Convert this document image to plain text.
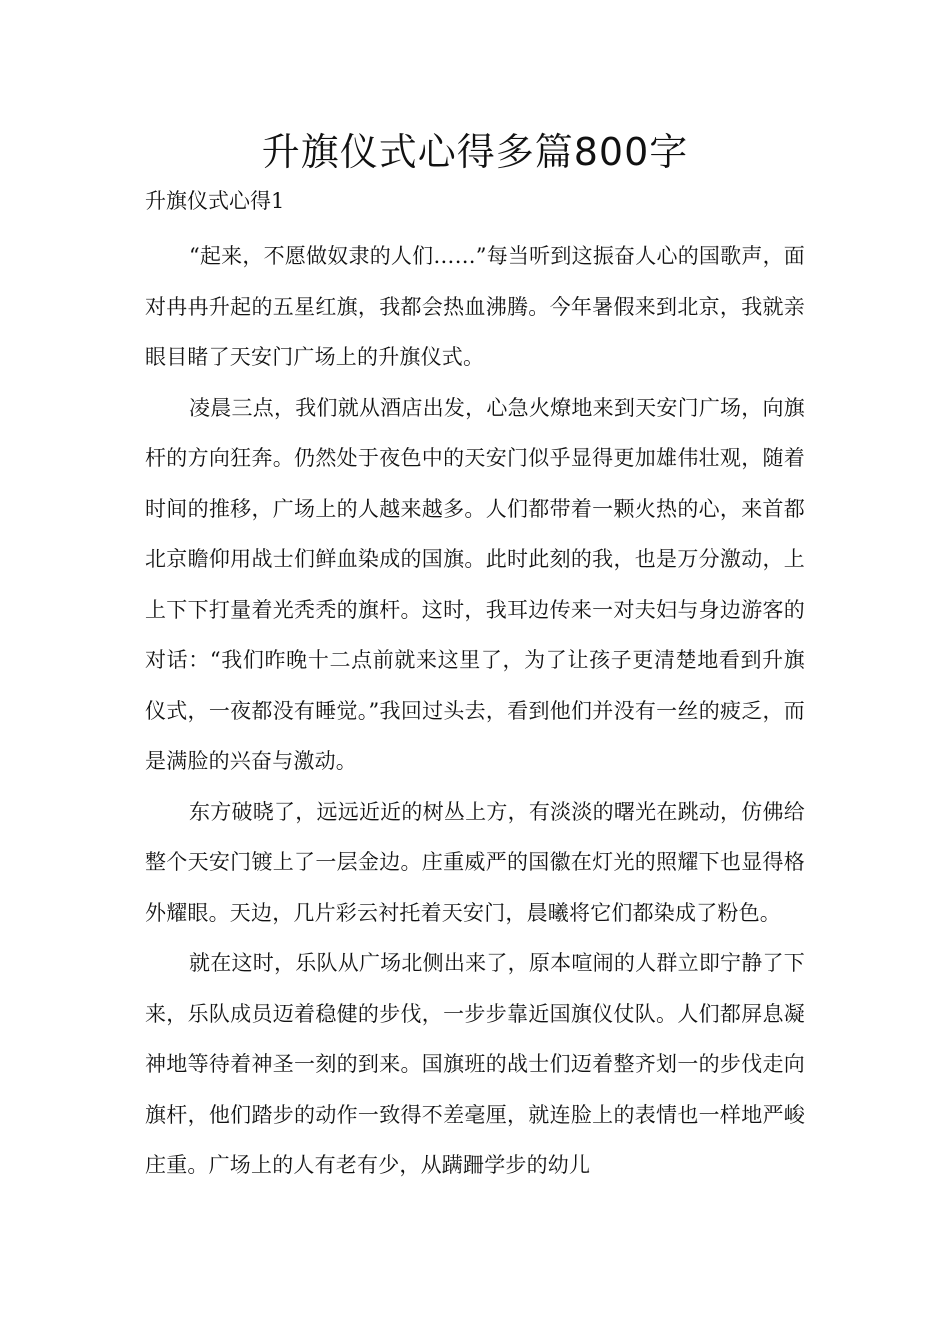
升旗仪式心得多篇800字
升旗仪式心得1

“起来，不愿做奴隶的人们……”每当听到这振奋人心的国歌声，面对冉冉升起的五星红旗，我都会热血沸腾。今年暑假来到北京，我就亲眼目睹了天安门广场上的升旗仪式。

凌晨三点，我们就从酒店出发，心急火燎地来到天安门广场，向旗杆的方向狂奔。仍然处于夜色中的天安门似乎显得更加雄伟壮观，随着时间的推移，广场上的人越来越多。人们都带着一颗火热的心，来首都北京瞻仰用战士们鲜血染成的国旗。此时此刻的我，也是万分激动，上上下下打量着光秃秃的旗杆。这时，我耳边传来一对夫妇与身边游客的对话：“我们昨晚十二点前就来这里了，为了让孩子更清楚地看到升旗仪式，一夜都没有睡觉。”我回过头去，看到他们并没有一丝的疲乏，而是满脸的兴奋与激动。

东方破晓了，远远近近的树丛上方，有淡淡的曙光在跳动，仿佛给整个天安门镀上了一层金边。庄重威严的国徽在灯光的照耀下也显得格外耀眼。天边，几片彩云衬托着天安门，晨曦将它们都染成了粉色。

就在这时，乐队从广场北侧出来了，原本喧闹的人群立即宁静了下来，乐队成员迈着稳健的步伐，一步步靠近国旗仪仗队。人们都屏息凝神地等待着神圣一刻的到来。国旗班的战士们迈着整齐划一的步伐走向旗杆，他们踏步的动作一致得不差毫厘，就连脸上的表情也一样地严峻庄重。广场上的人有老有少，从蹒跚学步的幼儿
